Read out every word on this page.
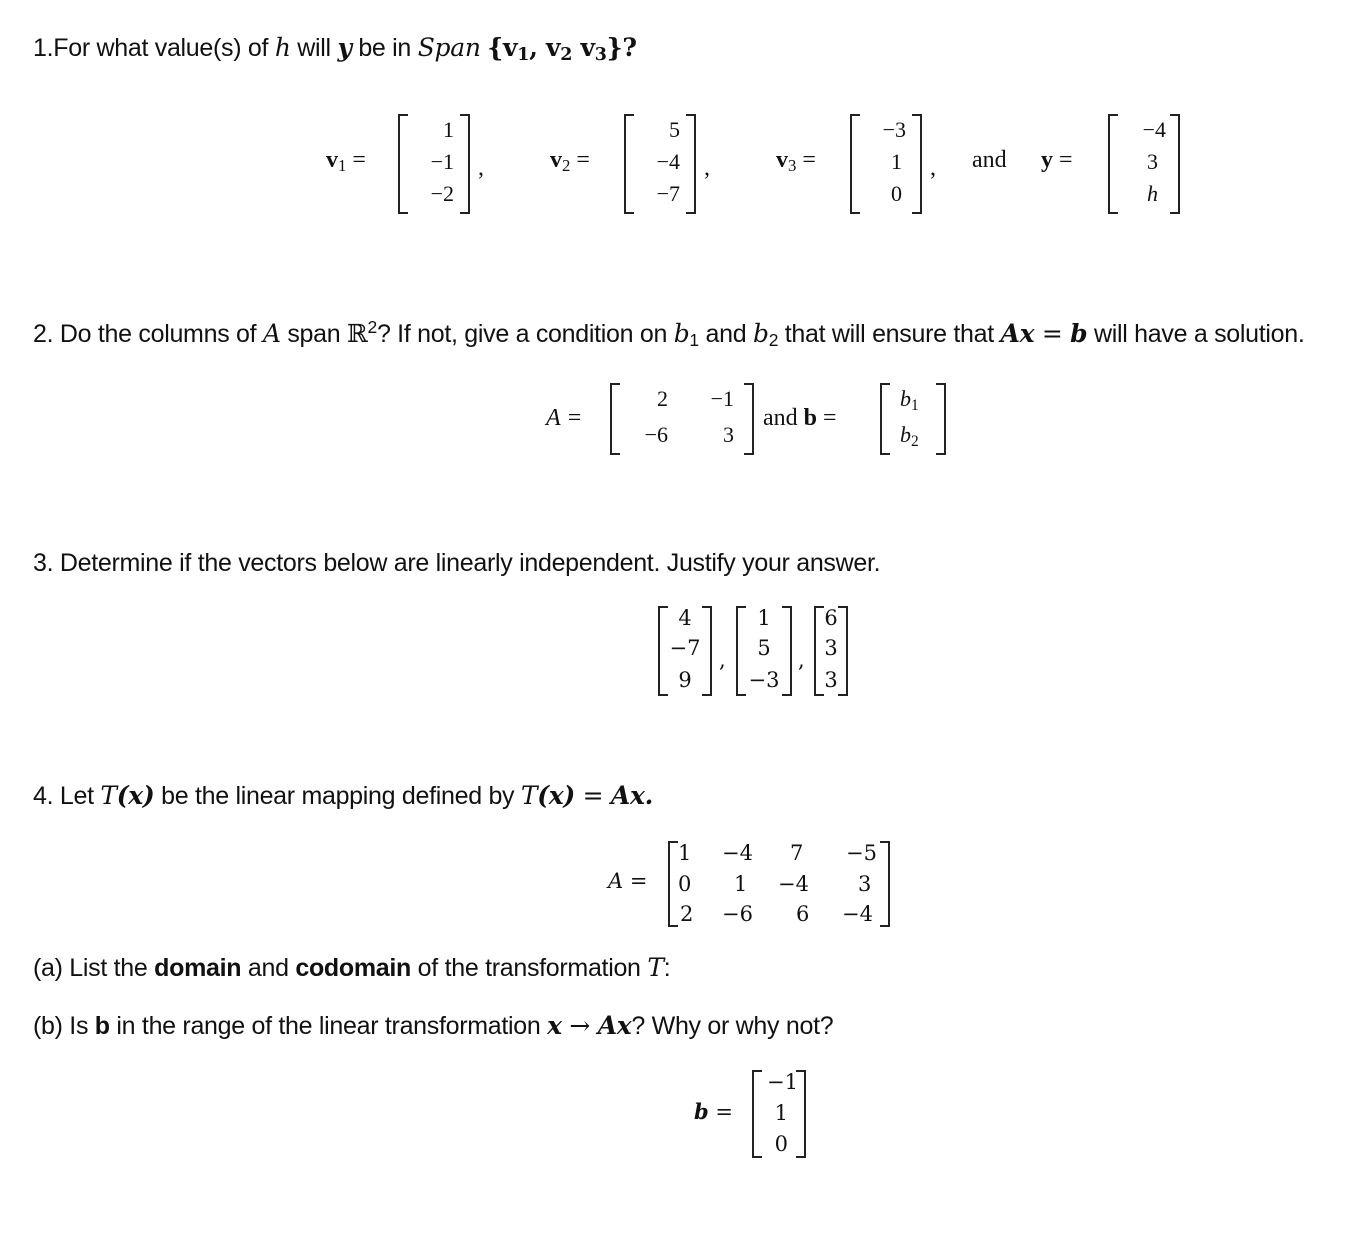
1.For what value(s) of h will y be in Span {$v_1$, $v_2$ $v_3$}?
$v_1$ =
1
−1
−2
,	$v_2$ =
5
−4
−7
,	$v_3$ =
−3
1
0
, and y =
−4
3
h
2. Do the columns of A span ℝ$^2$? If not, give a condition on $b_1$ and $b_2$ that will ensure that Ax = b will have a solution.
A =
2 −1
−6	3
and b =
$b_1$
$b_2$
3. Determine if the vectors below are linearly independent. Justify your answer.
4
−7
9
,
1
5
−3
,
6
3
3
4. Let T(x) be the linear mapping defined by T(x) = Ax.
A =
1 −4 7 −5
0 1 −4 3
2 −6 6 −4
(a) List the domain and codomain of the transformation T:
(b) Is b in the range of the linear transformation x → Ax? Why or why not?
b =
−1
1
0
